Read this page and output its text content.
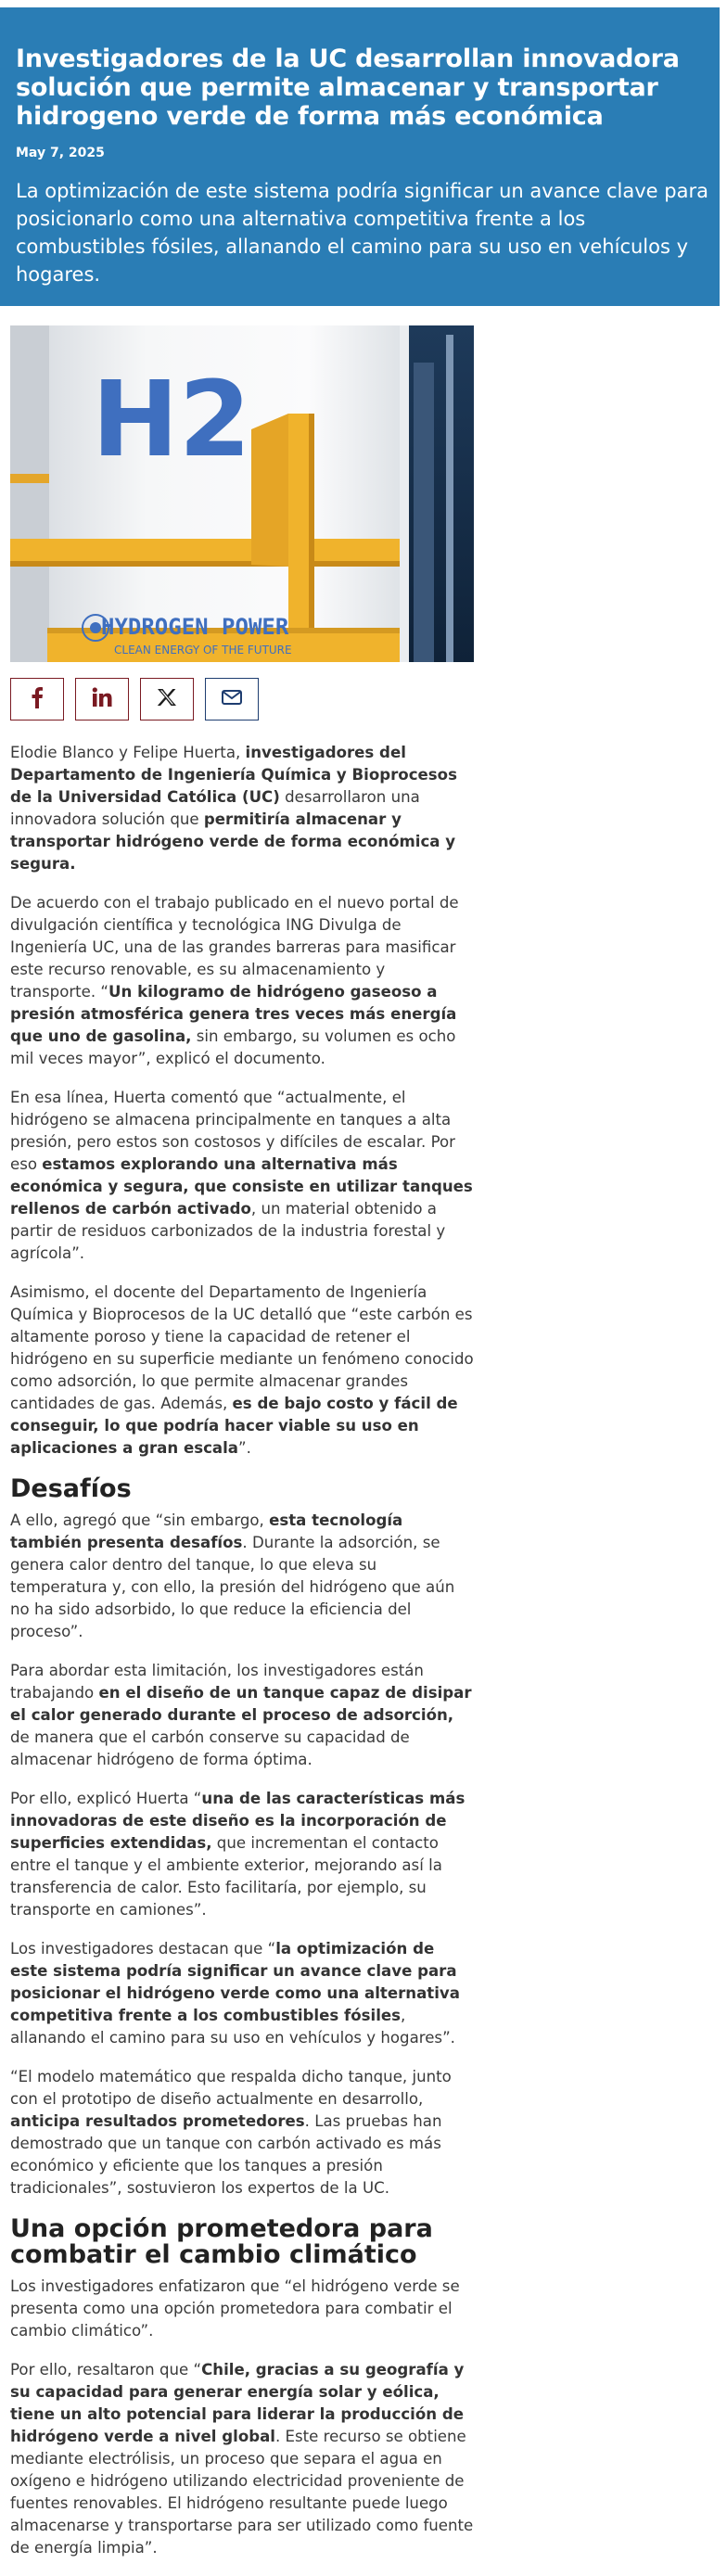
Investigadores de la UC desarrollan innovadora solución que permite almacenar y transportar hidrogeno verde de forma más económica
May 7, 2025
La optimización de este sistema podría significar un avance clave para posicionarlo como una alternativa competitiva frente a los combustibles fósiles, allanando el camino para su uso en vehículos y hogares.
H2
HYDROGEN POWER
CLEAN ENERGY OF THE FUTURE

Elodie Blanco y Felipe Huerta, investigadores del Departamento de Ingeniería Química y Bioprocesos de la Universidad Católica (UC) desarrollaron una innovadora solución que permitiría almacenar y transportar hidrógeno verde de forma económica y segura.

De acuerdo con el trabajo publicado en el nuevo portal de divulgación científica y tecnológica ING Divulga de Ingeniería UC, una de las grandes barreras para masificar este recurso renovable, es su almacenamiento y transporte. “Un kilogramo de hidrógeno gaseoso a presión atmosférica genera tres veces más energía que uno de gasolina, sin embargo, su volumen es ocho mil veces mayor”, explicó el documento.

En esa línea, Huerta comentó que “actualmente, el hidrógeno se almacena principalmente en tanques a alta presión, pero estos son costosos y difíciles de escalar. Por eso estamos explorando una alternativa más económica y segura, que consiste en utilizar tanques rellenos de carbón activado, un material obtenido a partir de residuos carbonizados de la industria forestal y agrícola”.

Asimismo, el docente del Departamento de Ingeniería Química y Bioprocesos de la UC detalló que “este carbón es altamente poroso y tiene la capacidad de retener el hidrógeno en su superficie mediante un fenómeno conocido como adsorción, lo que permite almacenar grandes cantidades de gas. Además, es de bajo costo y fácil de conseguir, lo que podría hacer viable su uso en aplicaciones a gran escala”.

Desafíos

A ello, agregó que “sin embargo, esta tecnología también presenta desafíos. Durante la adsorción, se genera calor dentro del tanque, lo que eleva su temperatura y, con ello, la presión del hidrógeno que aún no ha sido adsorbido, lo que reduce la eficiencia del proceso”.

Para abordar esta limitación, los investigadores están trabajando en el diseño de un tanque capaz de disipar el calor generado durante el proceso de adsorción, de manera que el carbón conserve su capacidad de almacenar hidrógeno de forma óptima.

Por ello, explicó Huerta “una de las características más innovadoras de este diseño es la incorporación de superficies extendidas, que incrementan el contacto entre el tanque y el ambiente exterior, mejorando así la transferencia de calor. Esto facilitaría, por ejemplo, su transporte en camiones”.

Los investigadores destacan que “la optimización de este sistema podría significar un avance clave para posicionar el hidrógeno verde como una alternativa competitiva frente a los combustibles fósiles, allanando el camino para su uso en vehículos y hogares”.

“El modelo matemático que respalda dicho tanque, junto con el prototipo de diseño actualmente en desarrollo, anticipa resultados prometedores. Las pruebas han demostrado que un tanque con carbón activado es más económico y eficiente que los tanques a presión tradicionales”, sostuvieron los expertos de la UC.

Una opción prometedora para combatir el cambio climático

Los investigadores enfatizaron que “el hidrógeno verde se presenta como una opción prometedora para combatir el cambio climático”.

Por ello, resaltaron que “Chile, gracias a su geografía y su capacidad para generar energía solar y eólica, tiene un alto potencial para liderar la producción de hidrógeno verde a nivel global. Este recurso se obtiene mediante electrólisis, un proceso que separa el agua en oxígeno e hidrógeno utilizando electricidad proveniente de fuentes renovables. El hidrógeno resultante puede luego almacenarse y transportarse para ser utilizado como fuente de energía limpia”.
